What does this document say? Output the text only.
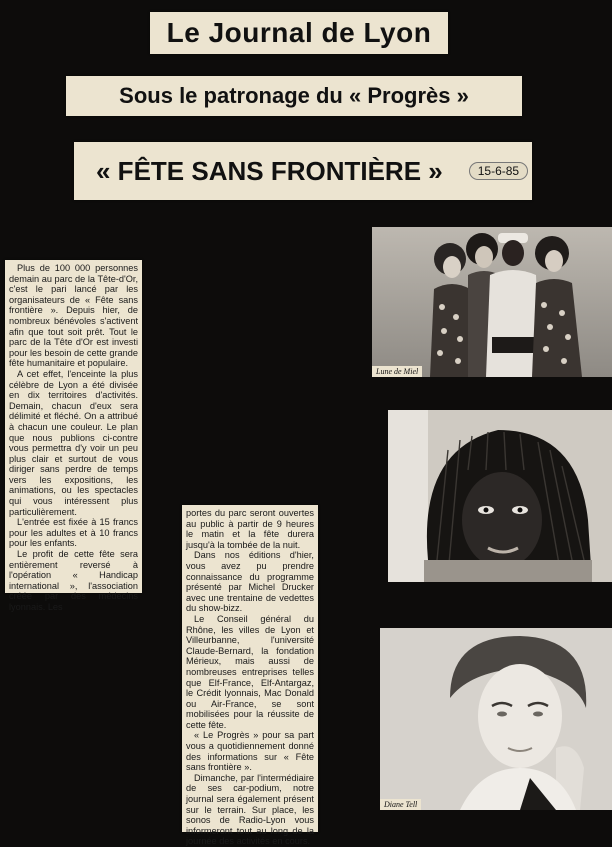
Le Journal de Lyon
Sous le patronage du « Progrès »
« FÊTE SANS FRONTIÈRE »	15-6-85

Plus de 100 000 personnes demain au parc de la Tête-d'Or, c'est le pari lancé par les organisateurs de « Fête sans frontière ». Depuis hier, de nombreux bénévoles s'activent afin que tout soit prêt. Tout le parc de la Tête d'Or est investi pour les besoin de cette grande fête humanitaire et populaire.

A cet effet, l'enceinte la plus célèbre de Lyon a été divisée en dix territoires d'activités. Demain, chacun d'eux sera délimité et fléché. On a attribué à chacun une couleur. Le plan que nous publions ci-contre vous permettra d'y voir un peu plus clair et surtout de vous diriger sans perdre de temps vers les expositions, les animations, ou les spectacles qui vous intéressent plus particulièrement.

L'entrée est fixée à 15 francs pour les adultes et à 10 francs pour les enfants.

Le profit de cette fête sera entièrement reversé à l'opération « Handicap international », l'association créée par des médecins lyonnais. Les

portes du parc seront ouvertes au public à partir de 9 heures le matin et la fête durera jusqu'à la tombée de la nuit.

Dans nos éditions d'hier, vous avez pu prendre connaissance du programme présenté par Michel Drucker avec une trentaine de vedettes du show-bizz.

Le Conseil général du Rhône, les villes de Lyon et Villeurbanne, l'université Claude-Bernard, la fondation Mérieux, mais aussi de nombreuses entreprises telles que Elf-France, Elf-Antargaz, le Crédit lyonnais, Mac Donald ou Air-France, se sont mobilisées pour la réussite de cette fête.

« Le Progrès » pour sa part vous a quotidiennement donné des informations sur « Fête sans frontière ».

Dimanche, par l'intermédiaire de ses car-podium, notre journal sera également présent sur le terrain. Sur place, les sonos de Radio-Lyon vous informeront tout au long de la journée des activités en cours.

Lune de Miel
Diane Tell
